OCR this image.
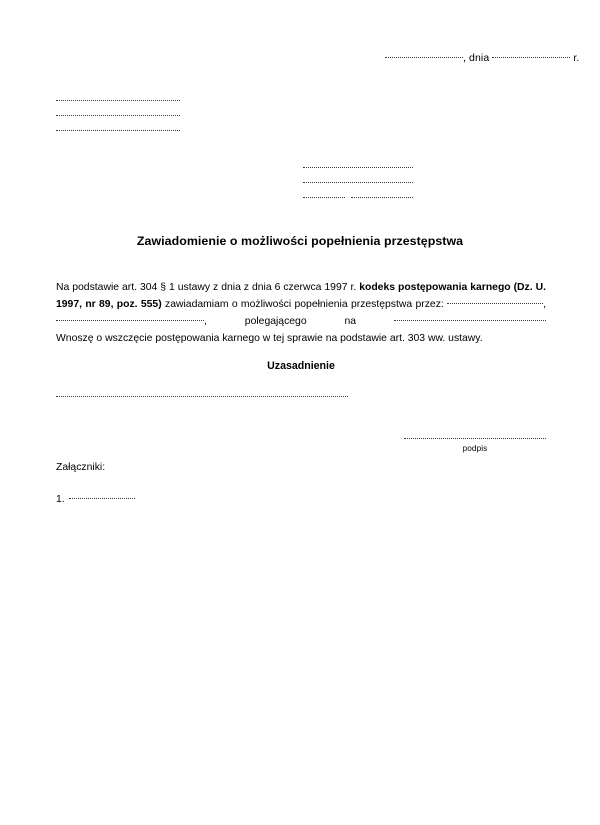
, dnia	r.
Zawiadomienie o możliwości popełnienia przestępstwa

Na podstawie art. 304 § 1 ustawy z dnia z dnia 6 czerwca 1997 r. kodeks postępowania karnego (Dz. U. 1997, nr 89, poz. 555) zawiadamiam o możliwości popełnienia przestępstwa przez:	, , polegającego na

Wnoszę o wszczęcie postępowania karnego w tej sprawie na podstawie art. 303 ww. ustawy.
Uzasadnienie
podpis
Załączniki:
1.
